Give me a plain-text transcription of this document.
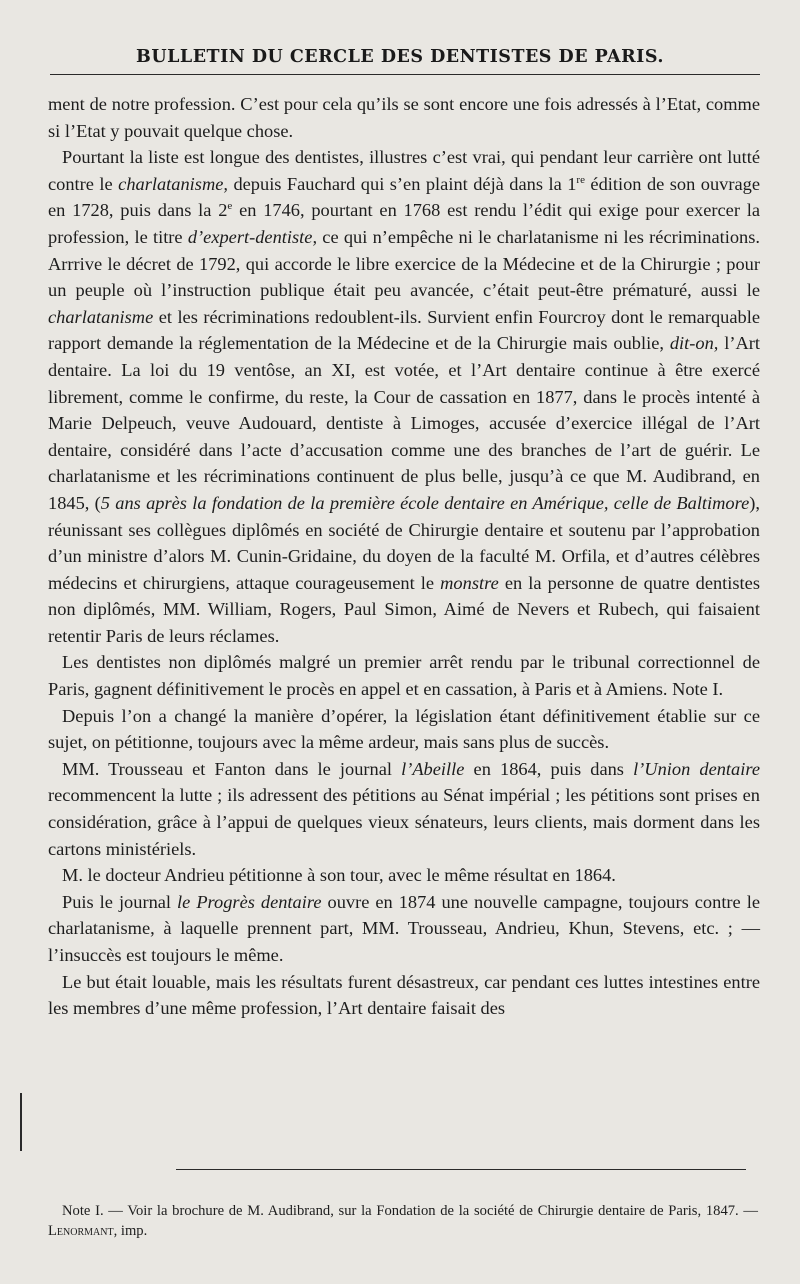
BULLETIN DU CERCLE DES DENTISTES DE PARIS.

ment de notre profession. C’est pour cela qu’ils se sont encore une fois adressés à l’Etat, comme si l’Etat y pouvait quelque chose.

Pourtant la liste est longue des dentistes, illustres c’est vrai, qui pendant leur carrière ont lutté contre le charlatanisme, depuis Fauchard qui s’en plaint déjà dans la 1re édition de son ouvrage en 1728, puis dans la 2e en 1746, pourtant en 1768 est rendu l’édit qui exige pour exercer la profession, le titre d’expert-dentiste, ce qui n’empêche ni le charlatanisme ni les récriminations. Arrrive le décret de 1792, qui accorde le libre exercice de la Médecine et de la Chirurgie ; pour un peuple où l’instruction publique était peu avancée, c’était peut-être prématuré, aussi le charlatanisme et les récriminations redoublent-ils. Survient enfin Fourcroy dont le remarquable rapport demande la réglementation de la Médecine et de la Chirurgie mais oublie, dit-on, l’Art dentaire. La loi du 19 ventôse, an XI, est votée, et l’Art dentaire continue à être exercé librement, comme le confirme, du reste, la Cour de cassation en 1877, dans le procès intenté à Marie Delpeuch, veuve Audouard, dentiste à Limoges, accusée d’exercice illégal de l’Art dentaire, considéré dans l’acte d’accusation comme une des branches de l’art de guérir. Le charlatanisme et les récriminations continuent de plus belle, jusqu’à ce que M. Audibrand, en 1845, (5 ans après la fondation de la première école dentaire en Amérique, celle de Baltimore), réunissant ses collègues diplômés en société de Chirurgie dentaire et soutenu par l’approbation d’un ministre d’alors M. Cunin-Gridaine, du doyen de la faculté M. Orfila, et d’autres célèbres médecins et chirurgiens, attaque courageusement le monstre en la personne de quatre dentistes non diplômés, MM. William, Rogers, Paul Simon, Aimé de Nevers et Rubech, qui faisaient retentir Paris de leurs réclames.

Les dentistes non diplômés malgré un premier arrêt rendu par le tribunal correctionnel de Paris, gagnent définitivement le procès en appel et en cassation, à Paris et à Amiens. Note I.

Depuis l’on a changé la manière d’opérer, la législation étant définitivement établie sur ce sujet, on pétitionne, toujours avec la même ardeur, mais sans plus de succès.

MM. Trousseau et Fanton dans le journal l’Abeille en 1864, puis dans l’Union dentaire recommencent la lutte ; ils adressent des pétitions au Sénat impérial ; les pétitions sont prises en considération, grâce à l’appui de quelques vieux sénateurs, leurs clients, mais dorment dans les cartons ministériels.

M. le docteur Andrieu pétitionne à son tour, avec le même résultat en 1864.

Puis le journal le Progrès dentaire ouvre en 1874 une nouvelle campagne, toujours contre le charlatanisme, à laquelle prennent part, MM. Trousseau, Andrieu, Khun, Stevens, etc. ; — l’insuccès est toujours le même.

Le but était louable, mais les résultats furent désastreux, car pendant ces luttes intestines entre les membres d’une même profession, l’Art dentaire faisait des

Note I. — Voir la brochure de M. Audibrand, sur la Fondation de la société de Chirurgie dentaire de Paris, 1847. — Lenormant, imp.
